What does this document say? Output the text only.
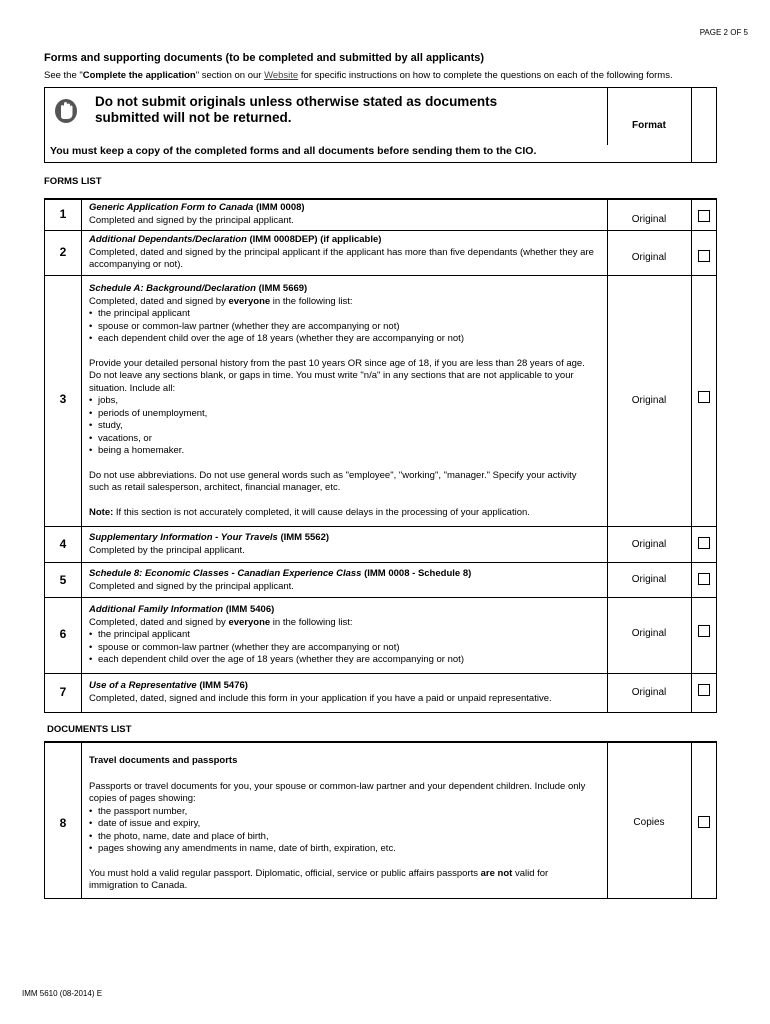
PAGE 2 OF 5
Forms and supporting documents (to be completed and submitted by all applicants)
See the "Complete the application" section on our Website for specific instructions on how to complete the questions on each of the following forms.
Do not submit originals unless otherwise stated as documents
submitted will not be returned.
Format
You must keep a copy of the completed forms and all documents before sending them to the CIO.
FORMS LIST
1	Generic Application Form to Canada (IMM 0008)

Completed and signed by the principal applicant.	Original
2

Additional Dependants/Declaration (IMM 0008DEP) (if applicable)

Completed, dated and signed by the principal applicant if the applicant has more than five dependants (whether they are accompanying or not).

Original
3

Schedule A: Background/Declaration (IMM 5669)

Completed, dated and signed by everyone in the following list:

• the principal applicant
• spouse or common-law partner (whether they are accompanying or not)
• each dependent child over the age of 18 years (whether they are accompanying or not)

Provide your detailed personal history from the past 10 years OR since age of 18, if you are less than 28 years of age. Do not leave any sections blank, or gaps in time. You must write "n/a" in any sections that are not applicable to your situation. Include all:

• jobs,
• periods of unemployment,
• study,
• vacations, or
• being a homemaker.

Do not use abbreviations. Do not use general words such as "employee", "working", "manager." Specify your activity such as retail salesperson, architect, financial manager, etc.

Note: If this section is not accurately completed, it will cause delays in the processing of your application.

Original
4	Supplementary Information - Your Travels (IMM 5562)

Completed by the principal applicant.	Original
5	Schedule 8: Economic Classes - Canadian Experience Class (IMM 0008 - Schedule 8)

Completed and signed by the principal applicant.

Original
6

Additional Family Information (IMM 5406)

Completed, dated and signed by everyone in the following list:

• the principal applicant
• spouse or common-law partner (whether they are accompanying or not)
• each dependent child over the age of 18 years (whether they are accompanying or not)
Original
7	Use of a Representative (IMM 5476)

Completed, dated, signed and include this form in your application if you have a paid or unpaid representative.	Original
DOCUMENTS LIST
8

Travel documents and passports

Passports or travel documents for you, your spouse or common-law partner and your dependent children. Include only copies of pages showing:

• the passport number,
• date of issue and expiry,
• the photo, name, date and place of birth,
• pages showing any amendments in name, date of birth, expiration, etc.

You must hold a valid regular passport. Diplomatic, official, service or public affairs passports are not valid for immigration to Canada.

Copies
IMM 5610 (08-2014) E
